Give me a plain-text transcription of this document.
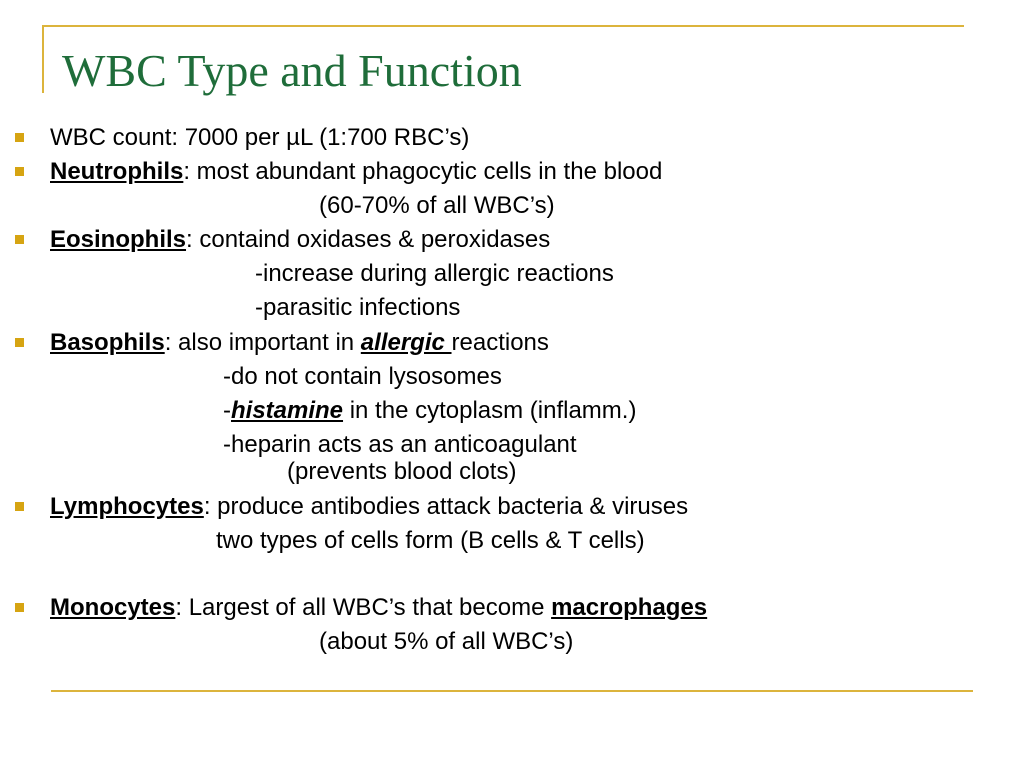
WBC Type and Function
WBC count: 7000 per µL (1:700 RBC’s)
Neutrophils: most abundant phagocytic cells in the blood
(60-70% of all WBC’s)
Eosinophils: containd oxidases & peroxidases
-increase during allergic reactions
-parasitic infections
Basophils: also important in allergic reactions
-do not contain lysosomes
-histamine in the cytoplasm (inflamm.)
-heparin acts as an anticoagulant
(prevents blood clots)
Lymphocytes: produce antibodies attack bacteria & viruses
two types of cells form (B cells & T cells)
Monocytes: Largest of all WBC’s that become macrophages
(about 5% of all WBC’s)
